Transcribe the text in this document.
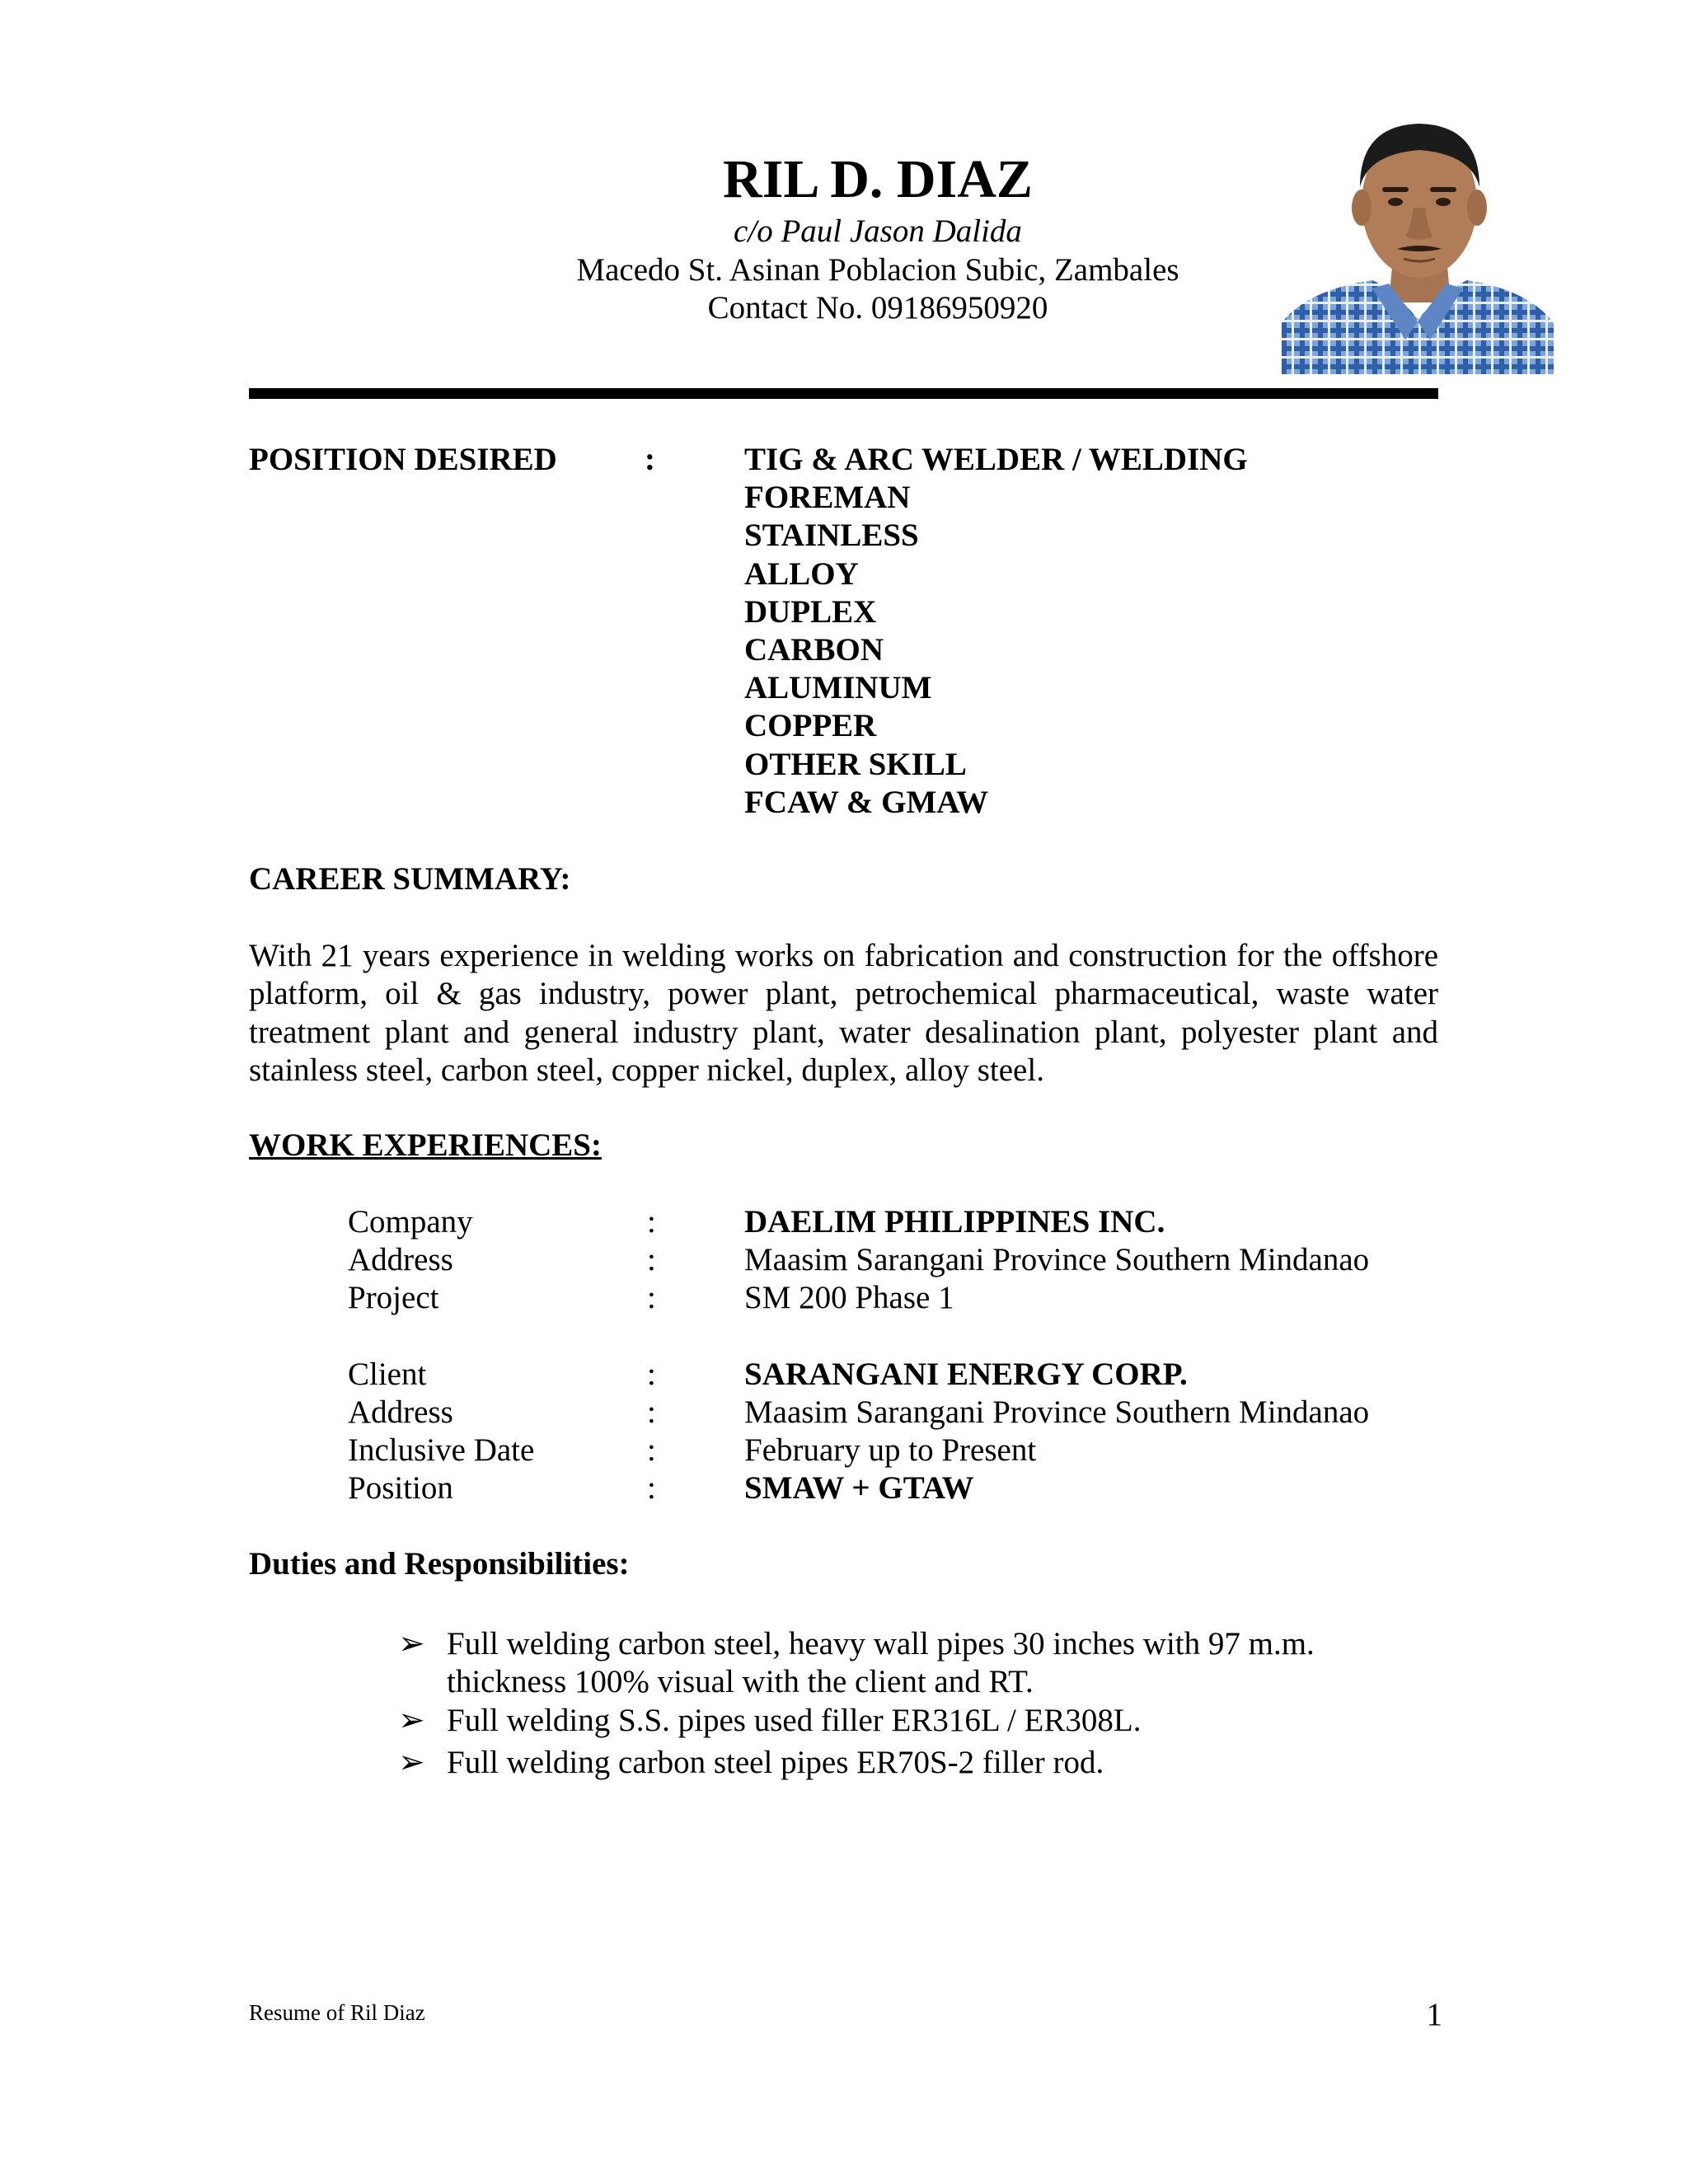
RIL D. DIAZ
c/o Paul Jason Dalida
Macedo St. Asinan Poblacion Subic, Zambales
Contact No. 09186950920
POSITION DESIRED	:	TIG & ARC WELDER / WELDING
FOREMAN
STAINLESS
ALLOY
DUPLEX
CARBON
ALUMINUM
COPPER
OTHER SKILL
FCAW & GMAW
CAREER SUMMARY:
With 21 years experience in welding works on fabrication and construction for the offshore platform, oil & gas industry, power plant, petrochemical pharmaceutical, waste water treatment plant and general industry plant, water desalination plant, polyester plant and stainless steel, carbon steel, copper nickel, duplex, alloy steel.
WORK EXPERIENCES:
Company	:	DAELIM PHILIPPINES INC.
Address	:	Maasim Sarangani Province Southern Mindanao
Project	:	SM 200 Phase 1
Client	:	SARANGANI ENERGY CORP.
Address	:	Maasim Sarangani Province Southern Mindanao
Inclusive Date	:	February up to Present
Position	:	SMAW + GTAW
Duties and Responsibilities:
➢ Full welding carbon steel, heavy wall pipes 30 inches with 97 m.m. thickness 100% visual with the client and RT.
➢ Full welding S.S. pipes used filler ER316L / ER308L.
➢ Full welding carbon steel pipes ER70S-2 filler rod.
Resume of Ril Diaz	1
